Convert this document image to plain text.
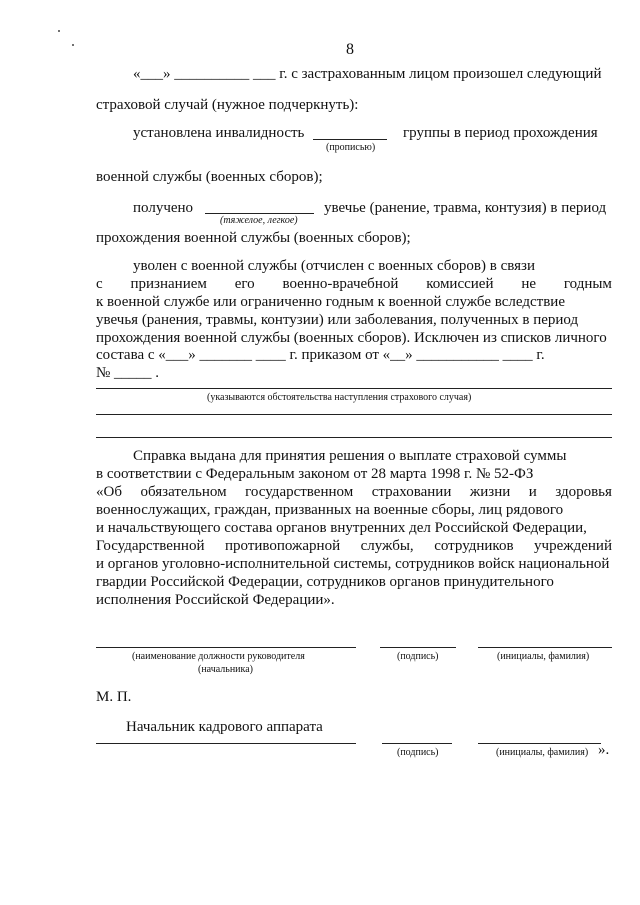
8
«___» __________ ___ г. с застрахованным лицом произошел следующий
страховой случай (нужное подчеркнуть):
установлена инвалидность	группы в период прохождения
(прописью)
военной службы (военных сборов);
получено	увечье (ранение, травма, контузия) в период
(тяжелое, легкое)
прохождения военной службы (военных сборов);
уволен с военной службы (отчислен с военных сборов) в связи
с признанием его военно-врачебной комиссией не годным
к военной службе или ограниченно годным к военной службе вследствие
увечья (ранения, травмы, контузии) или заболевания, полученных в период
прохождения военной службы (военных сборов). Исключен из списков личного
состава с «___» _______ ____ г. приказом от «__» ___________ ____ г.
№ _____ .
(указываются обстоятельства наступления страхового случая)
Справка выдана для принятия решения о выплате страховой суммы
в соответствии с Федеральным законом от 28 марта 1998 г. № 52-ФЗ
«Об обязательном государственном страховании жизни и здоровья
военнослужащих, граждан, призванных на военные сборы, лиц рядового
и начальствующего состава органов внутренних дел Российской Федерации,
Государственной противопожарной службы, сотрудников учреждений
и органов уголовно-исполнительной системы, сотрудников войск национальной
гвардии Российской Федерации, сотрудников органов принудительного
исполнения Российской Федерации».
(наименование должности руководителя
(начальника)
(подпись)	(инициалы, фамилия)
М. П.
Начальник кадрового аппарата
(подпись)	(инициалы, фамилия) ».
